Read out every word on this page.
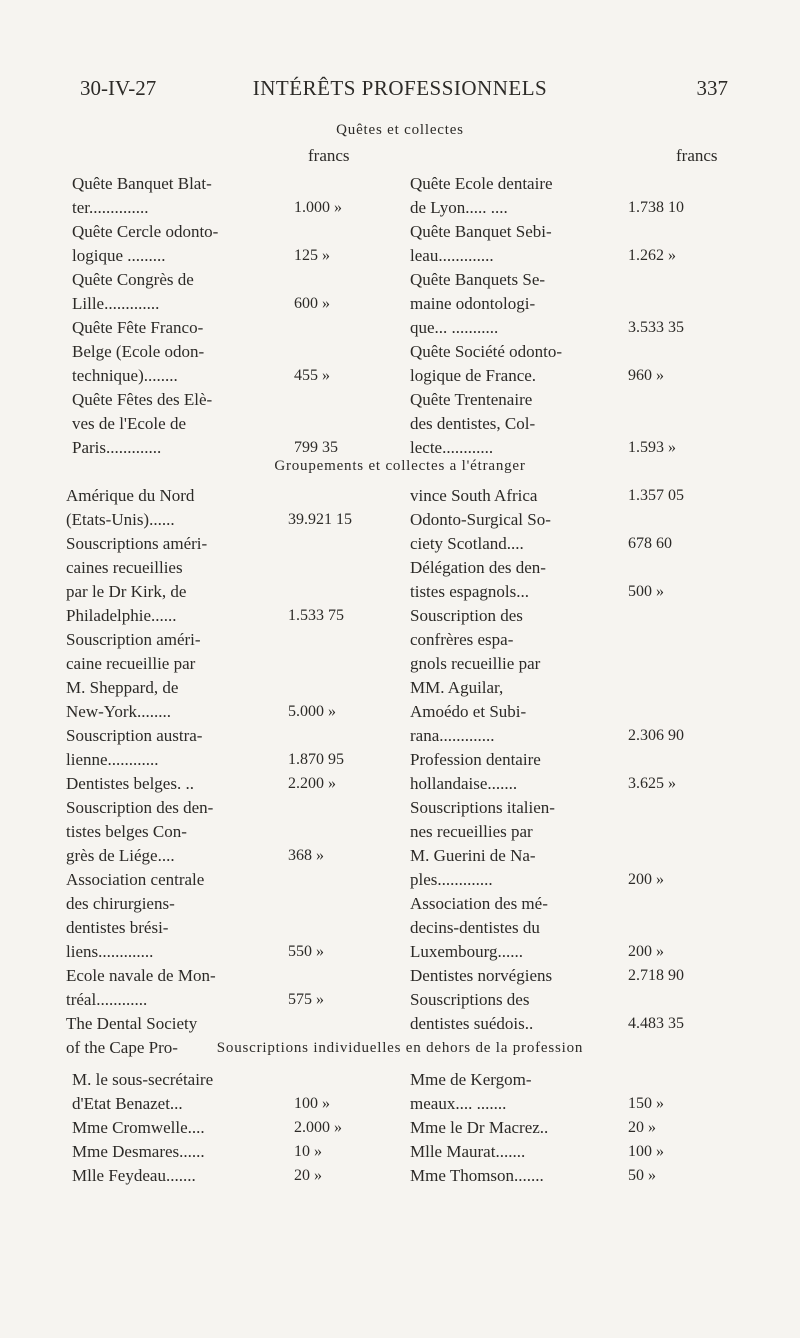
30-IV-27	INTÉRÊTS PROFESSIONNELS	337
Quêtes et collectes
francs	francs
Quête Banquet Blat-
ter..............	1.000 »
Quête Cercle odonto-
logique .........	125 »
Quête Congrès de
Lille.............	600 »
Quête Fête Franco-
Belge (Ecole odon-
technique)........	455 »
Quête Fêtes des Elè-
ves de l'Ecole de
Paris.............	799 35
Quête Ecole dentaire
de Lyon..... ....	1.738 10
Quête Banquet Sebi-
leau.............	1.262 »
Quête Banquets Se-
maine odontologi-
que... ...........	3.533 35
Quête Société odonto-
logique de France.	960 »
Quête Trentenaire
des dentistes, Col-
lecte............	1.593 »
Groupements et collectes a l'étranger
Amérique du Nord
(Etats-Unis)......	39.921 15
Souscriptions améri-
caines recueillies
par le Dr Kirk, de
Philadelphie......	1.533 75
Souscription améri-
caine recueillie par
M. Sheppard, de
New-York........	5.000 »
Souscription austra-
lienne............	1.870 95
Dentistes belges. ..	2.200 »
Souscription des den-
tistes belges Con-
grès de Liége....	368 »
Association centrale
des chirurgiens-
dentistes brési-
liens.............	550 »
Ecole navale de Mon-
tréal............	575 »
The Dental Society
of the Cape Pro-
vince South Africa	1.357 05
Odonto-Surgical So-
ciety Scotland....	678 60
Délégation des den-
tistes espagnols...	500 »
Souscription des
confrères espa-
gnols recueillie par
MM. Aguilar,
Amoédo et Subi-
rana.............	2.306 90
Profession dentaire
hollandaise.......	3.625 »
Souscriptions italien-
nes recueillies par
M. Guerini de Na-
ples.............	200 »
Association des mé-
decins-dentistes du
Luxembourg......	200 »
Dentistes norvégiens	2.718 90
Souscriptions des
dentistes suédois..	4.483 35
Souscriptions individuelles en dehors de la profession
M. le sous-secrétaire
d'Etat Benazet...	100 »
Mme Cromwelle....	2.000 »
Mme Desmares......	10 »
Mlle Feydeau.......	20 »
Mme de Kergom-
meaux.... .......	150 »
Mme le Dr Macrez..	20 »
Mlle Maurat.......	100 »
Mme Thomson.......	50 »
